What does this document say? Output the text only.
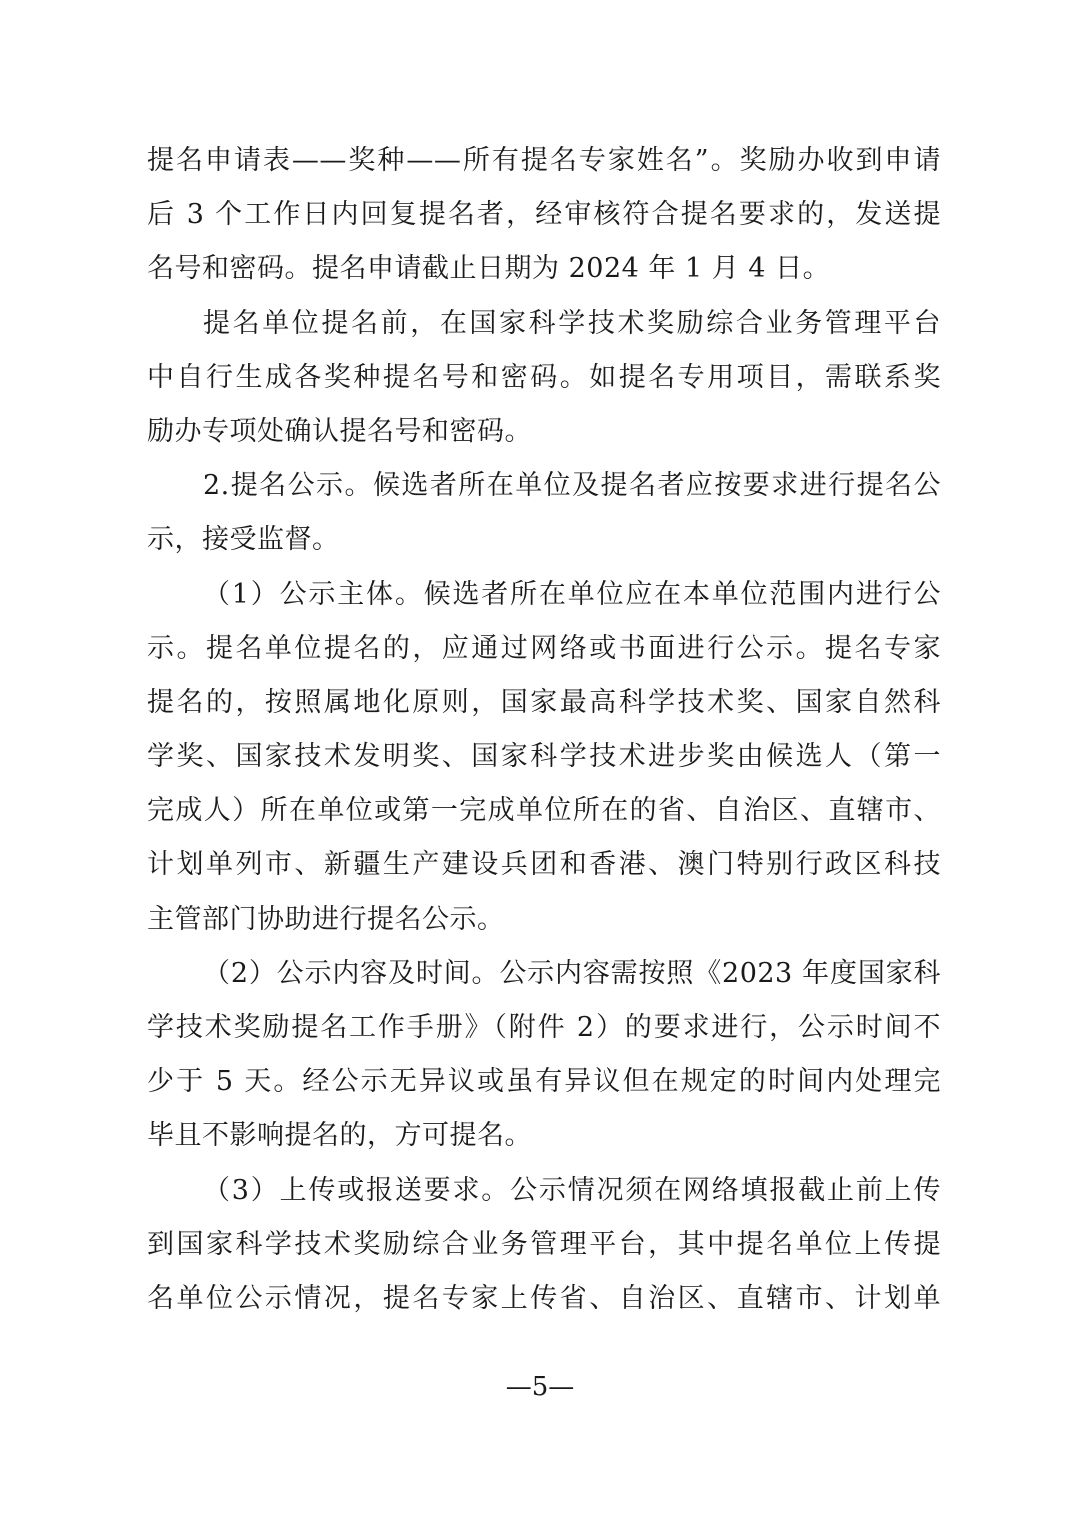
提名申请表——奖种——所有提名专家姓名”。奖励办收到申请
后 3 个工作日内回复提名者，经审核符合提名要求的，发送提
名号和密码。提名申请截止日期为 2024 年 1 月 4 日。
提名单位提名前，在国家科学技术奖励综合业务管理平台
中自行生成各奖种提名号和密码。如提名专用项目，需联系奖
励办专项处确认提名号和密码。
2.提名公示。候选者所在单位及提名者应按要求进行提名公
示，接受监督。
（1）公示主体。候选者所在单位应在本单位范围内进行公
示。提名单位提名的，应通过网络或书面进行公示。提名专家
提名的，按照属地化原则，国家最高科学技术奖、国家自然科
学奖、国家技术发明奖、国家科学技术进步奖由候选人（第一
完成人）所在单位或第一完成单位所在的省、自治区、直辖市、
计划单列市、新疆生产建设兵团和香港、澳门特别行政区科技
主管部门协助进行提名公示。
（2）公示内容及时间。公示内容需按照《2023 年度国家科
学技术奖励提名工作手册》（附件 2）的要求进行，公示时间不
少于 5 天。经公示无异议或虽有异议但在规定的时间内处理完
毕且不影响提名的，方可提名。
（3）上传或报送要求。公示情况须在网络填报截止前上传
到国家科学技术奖励综合业务管理平台，其中提名单位上传提
名单位公示情况，提名专家上传省、自治区、直辖市、计划单
—5—
